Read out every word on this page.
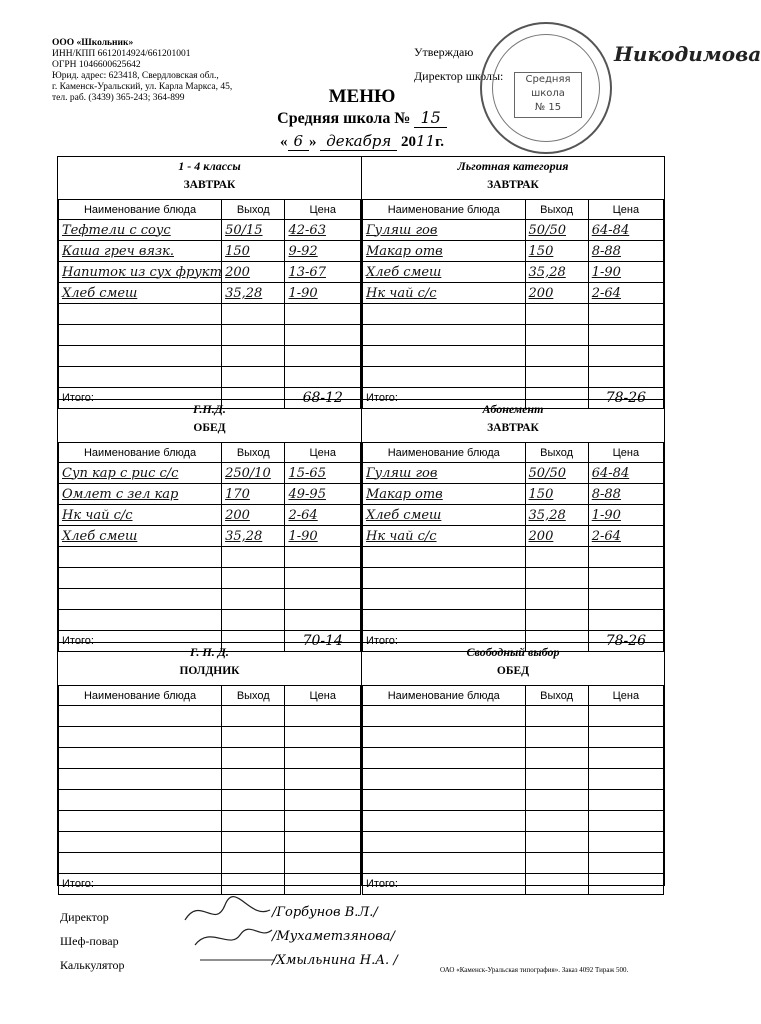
ООО «Школьник»
ИНН/КПП 6612014924/661201001
ОГРН 1046600625642
Юрид. адрес: 623418, Свердловская обл.,
г. Каменск-Уральский, ул. Карла Маркса, 45,
тел. раб. (3439) 365-243; 364-899
Утверждаю
Директор школы:
Никодимова
Средняя
школа
№ 15
МЕНЮ
Средняя школа № 15
« 6 » декабря 2011г.
1 - 4 классы
ЗАВТРАК
Наименование блюда	Выход	Цена
Тефтели с соус	50/15	42-63
Каша греч вязк.	150	9-92
Напиток из сух фрукт	200	13-67
Хлеб смеш	35,28	1-90

Итого:		68-12
Льготная категория
ЗАВТРАК
Наименование блюда	Выход	Цена
Гуляш гов	50/50	64-84
Макар отв	150	8-88
Хлеб смеш	35,28	1-90
Нк чай с/с	200	2-64

Итого:		78-26
Г.П.Д.
ОБЕД
Наименование блюда	Выход	Цена
Суп кар с рис с/с	250/10	15-65
Омлет с зел кар	170	49-95
Нк чай с/с	200	2-64
Хлеб смеш	35,28	1-90

Итого:		70-14
Абонемент
ЗАВТРАК
Наименование блюда	Выход	Цена
Гуляш гов	50/50	64-84
Макар отв	150	8-88
Хлеб смеш	35,28	1-90
Нк чай с/с	200	2-64

Итого:		78-26
Г. П. Д.
ПОЛДНИК
Наименование блюда	Выход	Цена

Итого:		
Свободный выбор
ОБЕД
Наименование блюда	Выход	Цена

Итого:		
Директор
Шеф-повар
Калькулятор
/Горбунов В.Л./
/Мухаметзянова/
/Хмыльнина Н.А. /
ОАО «Каменск-Уральская типография». Заказ 4092 Тираж 500.
